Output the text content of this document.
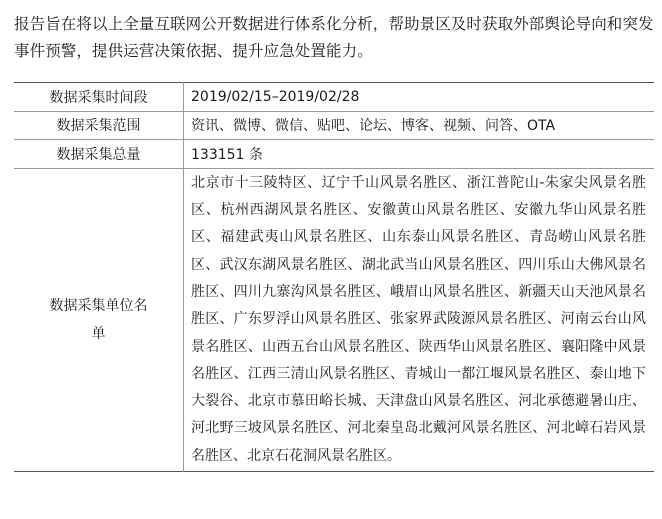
报告旨在将以上全量互联网公开数据进行体系化分析，帮助景区及时获取外部舆论导向和突发事件预警，提供运营决策依据、提升应急处置能力。

数据采集时间段	2019/02/15–2019/02/28
数据采集范围	资讯、微博、微信、贴吧、论坛、博客、视频、问答、OTA
数据采集总量	133151 条
数据采集单位名单	北京市十三陵特区、辽宁千山风景名胜区、浙江普陀山-朱家尖风景名胜区、杭州西湖风景名胜区、安徽黄山风景名胜区、安徽九华山风景名胜区、福建武夷山风景名胜区、山东泰山风景名胜区、青岛崂山风景名胜区、武汉东湖风景名胜区、湖北武当山风景名胜区、四川乐山大佛风景名胜区、四川九寨沟风景名胜区、峨眉山风景名胜区、新疆天山天池风景名胜区、广东罗浮山风景名胜区、张家界武陵源风景名胜区、河南云台山风景名胜区、山西五台山风景名胜区、陕西华山风景名胜区、襄阳隆中风景名胜区、江西三清山风景名胜区、青城山一都江堰风景名胜区、泰山地下大裂谷、北京市慕田峪长城、天津盘山风景名胜区、河北承德避暑山庄、河北野三坡风景名胜区、河北秦皇岛北戴河风景名胜区、河北嶂石岩风景名胜区、北京石花洞风景名胜区。
